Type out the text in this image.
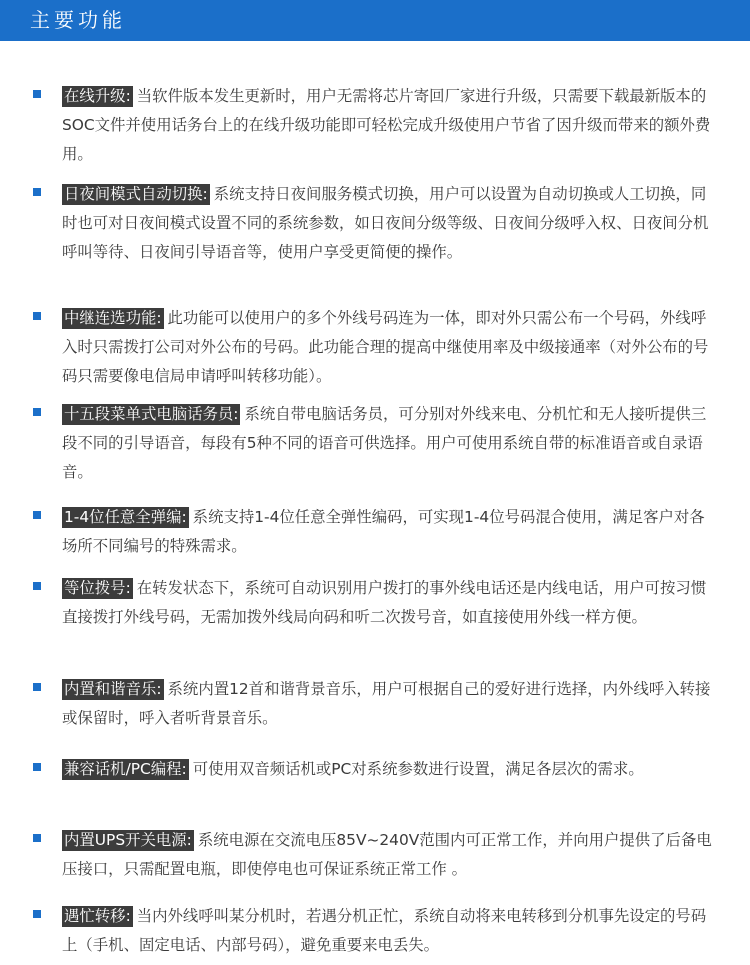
主要功能

在线升级: 当软件版本发生更新时，用户无需将芯片寄回厂家进行升级，只需要下载最新版本的SOC文件并使用话务台上的在线升级功能即可轻松完成升级使用户节省了因升级而带来的额外费用。

日夜间模式自动切换: 系统支持日夜间服务模式切换，用户可以设置为自动切换或人工切换，同时也可对日夜间模式设置不同的系统参数，如日夜间分级等级、日夜间分级呼入权、日夜间分机呼叫等待、日夜间引导语音等，使用户享受更简便的操作。

中继连选功能: 此功能可以使用户的多个外线号码连为一体，即对外只需公布一个号码，外线呼入时只需拨打公司对外公布的号码。此功能合理的提高中继使用率及中级接通率（对外公布的号码只需要像电信局申请呼叫转移功能）。

十五段菜单式电脑话务员: 系统自带电脑话务员，可分别对外线来电、分机忙和无人接听提供三段不同的引导语音，每段有5种不同的语音可供选择。用户可使用系统自带的标准语音或自录语音。

1-4位任意全弹编: 系统支持1-4位任意全弹性编码，可实现1-4位号码混合使用，满足客户对各场所不同编号的特殊需求。

等位拨号: 在转发状态下，系统可自动识别用户拨打的事外线电话还是内线电话，用户可按习惯直接拨打外线号码，无需加拨外线局向码和听二次拨号音，如直接使用外线一样方便。

内置和谐音乐: 系统内置12首和谐背景音乐，用户可根据自己的爱好进行选择，内外线呼入转接或保留时，呼入者听背景音乐。

兼容话机/PC编程: 可使用双音频话机或PC对系统参数进行设置，满足各层次的需求。

内置UPS开关电源: 系统电源在交流电压85V~240V范围内可正常工作，并向用户提供了后备电压接口，只需配置电瓶，即使停电也可保证系统正常工作 。

遇忙转移: 当内外线呼叫某分机时，若遇分机正忙，系统自动将来电转移到分机事先设定的号码上（手机、固定电话、内部号码），避免重要来电丢失。
